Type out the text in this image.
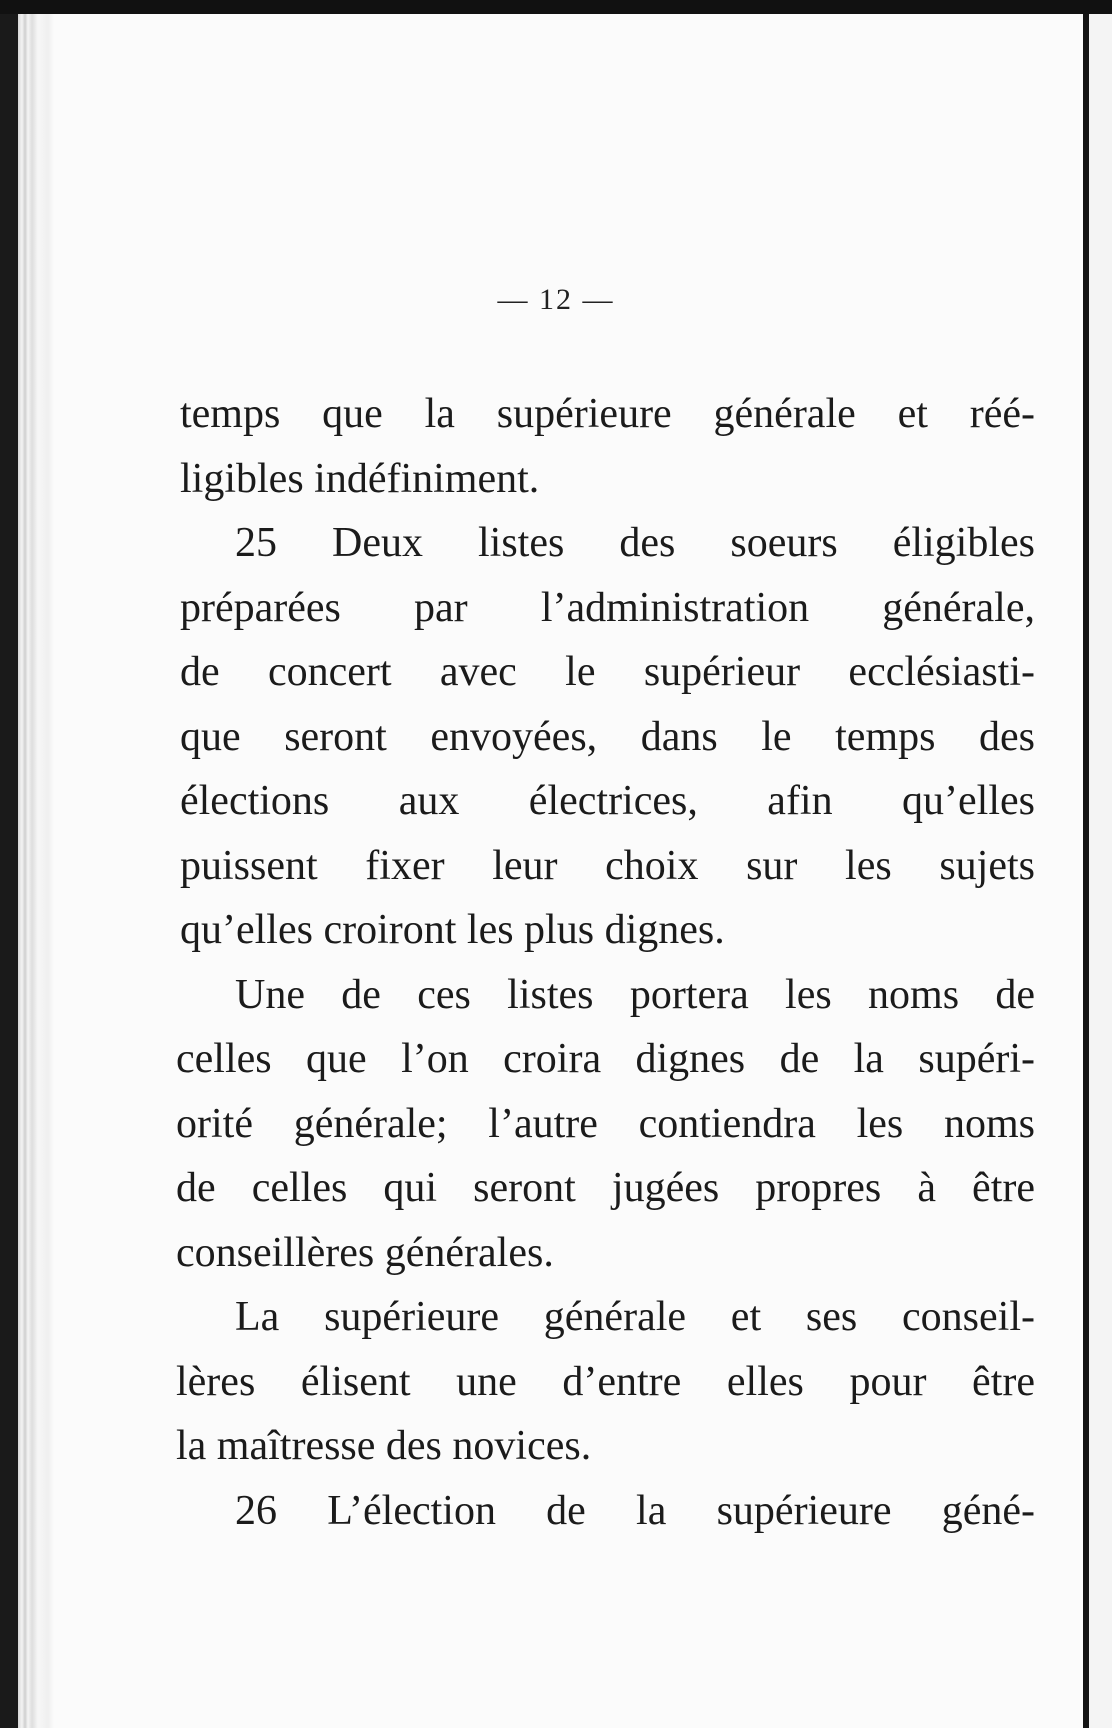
— 12 —
temps que la supérieure générale et réé-
ligibles indéfiniment.
25 Deux listes des soeurs éligibles
préparées par l’administration générale,
de concert avec le supérieur ecclésiasti-
que seront envoyées, dans le temps des
élections aux électrices, afin qu’elles
puissent fixer leur choix sur les sujets
qu’elles croiront les plus dignes.
Une de ces listes portera les noms de
celles que l’on croira dignes de la supéri-
orité générale; l’autre contiendra les noms
de celles qui seront jugées propres à être
conseillères générales.
La supérieure générale et ses conseil-
lères élisent une d’entre elles pour être
la maîtresse des novices.
26 L’élection de la supérieure géné-
